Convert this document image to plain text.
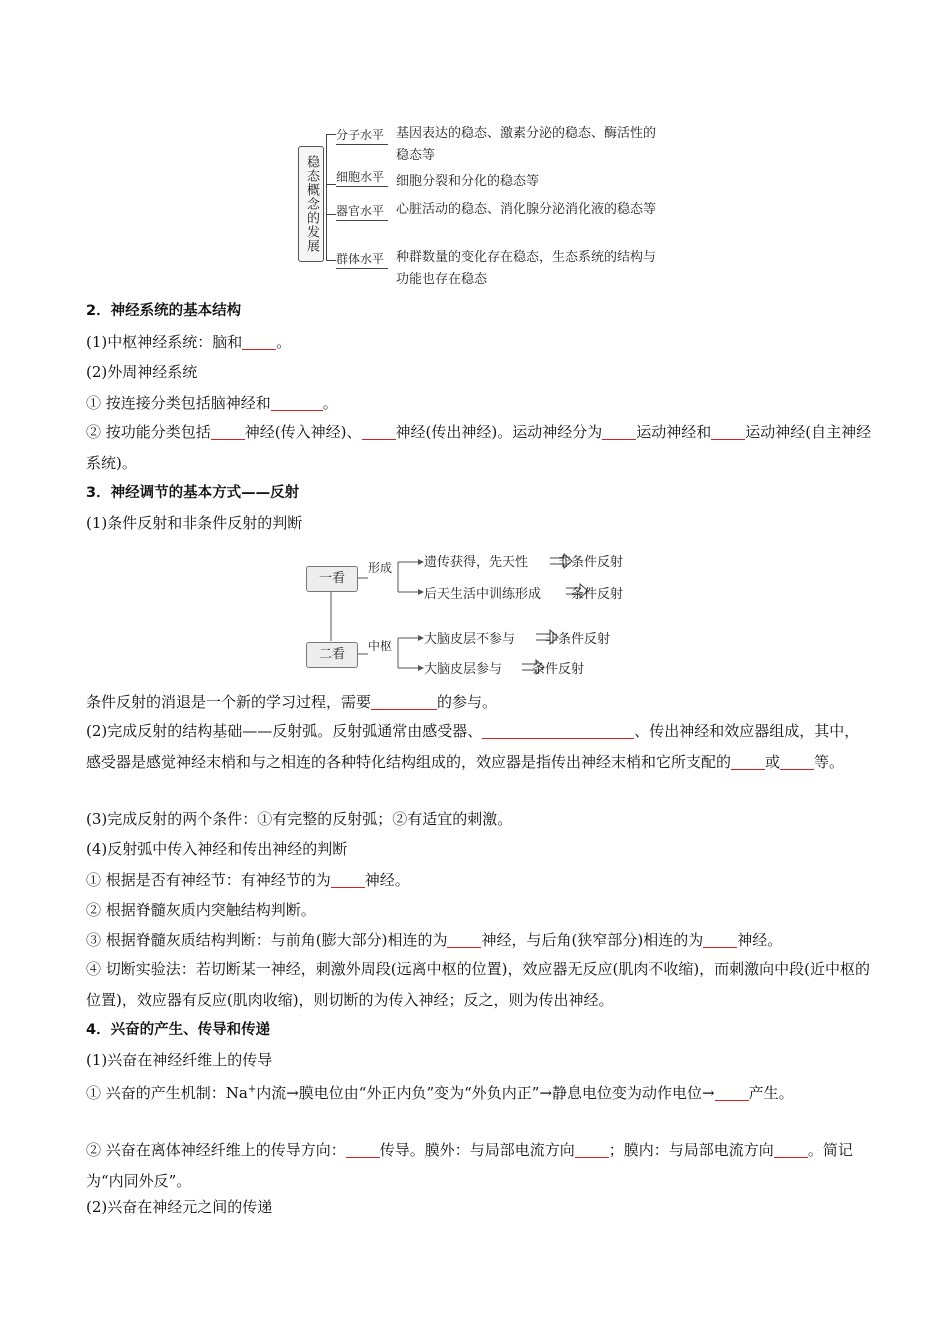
稳态概念的发展
分子水平 基因表达的稳态、激素分泌的稳态、酶活性的稳态等
细胞水平 细胞分裂和分化的稳态等
器官水平 心脏活动的稳态、消化腺分泌消化液的稳态等
群体水平 种群数量的变化存在稳态，生态系统的结构与功能也存在稳态
2．神经系统的基本结构
(1)中枢神经系统：脑和 。
(2)外周神经系统
① 按连接分类包括脑神经和	。
② 按功能分类包括 神经(传入神经)、 神经(传出神经)。运动神经分为 运动神经和 运动神经(自主神经系统)。
3．神经调节的基本方式——反射
(1)条件反射和非条件反射的判断
一看
形成 遗传获得，先天性 非条件反射
后天生活中训练形成 条件反射
二看
中枢 大脑皮层不参与 非条件反射
大脑皮层参与 条件反射
条件反射的消退是一个新的学习过程，需要	的参与。
(2)完成反射的结构基础——反射弧。反射弧通常由感受器、	、传出神经和效应器组成，其中，感受器是感觉神经末梢和与之相连的各种特化结构组成的，效应器是指传出神经末梢和它所支配的 或 等。
(3)完成反射的两个条件：①有完整的反射弧；②有适宜的刺激。
(4)反射弧中传入神经和传出神经的判断
① 根据是否有神经节：有神经节的为 神经。
② 根据脊髓灰质内突触结构判断。
③ 根据脊髓灰质结构判断：与前角(膨大部分)相连的为 神经，与后角(狭窄部分)相连的为 神经。
④ 切断实验法：若切断某一神经，刺激外周段(远离中枢的位置)，效应器无反应(肌肉不收缩)，而刺激向中段(近中枢的位置)，效应器有反应(肌肉收缩)，则切断的为传入神经；反之，则为传出神经。
4．兴奋的产生、传导和传递
(1)兴奋在神经纤维上的传导
① 兴奋的产生机制：Na+内流→膜电位由“外正内负”变为“外负内正”→静息电位变为动作电位→ 产生。
② 兴奋在离体神经纤维上的传导方向： 传导。膜外：与局部电流方向 ；膜内：与局部电流方向 。简记为“内同外反”。
(2)兴奋在神经元之间的传递
